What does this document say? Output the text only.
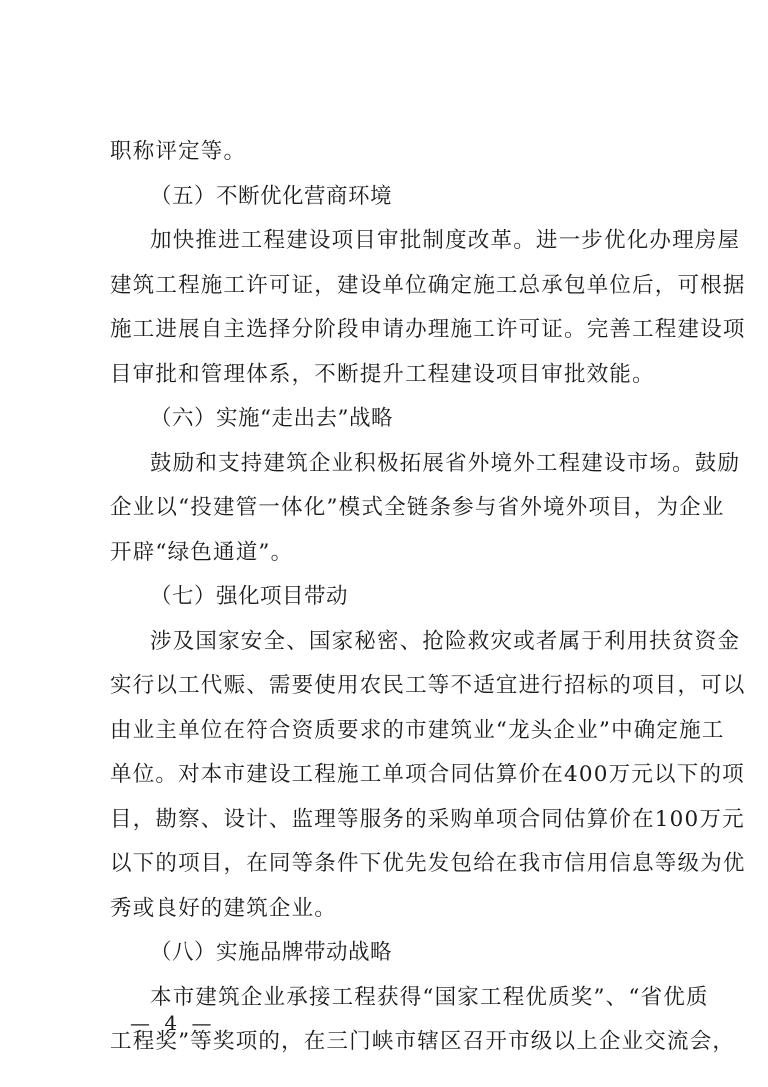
职称评定等。
（五）不断优化营商环境
加快推进工程建设项目审批制度改革。进一步优化办理房屋
建筑工程施工许可证，建设单位确定施工总承包单位后，可根据
施工进展自主选择分阶段申请办理施工许可证。完善工程建设项
目审批和管理体系，不断提升工程建设项目审批效能。
（六）实施“走出去”战略
鼓励和支持建筑企业积极拓展省外境外工程建设市场。鼓励
企业以“投建管一体化”模式全链条参与省外境外项目，为企业
开辟“绿色通道”。
（七）强化项目带动
涉及国家安全、国家秘密、抢险救灾或者属于利用扶贫资金
实行以工代赈、需要使用农民工等不适宜进行招标的项目，可以
由业主单位在符合资质要求的市建筑业“龙头企业”中确定施工
单位。对本市建设工程施工单项合同估算价在400万元以下的项
目，勘察、设计、监理等服务的采购单项合同估算价在100万元
以下的项目，在同等条件下优先发包给在我市信用信息等级为优
秀或良好的建筑企业。
（八）实施品牌带动战略
本市建筑企业承接工程获得“国家工程优质奖”、“省优质
工程奖”等奖项的，在三门峡市辖区召开市级以上企业交流会，
— 4 —
